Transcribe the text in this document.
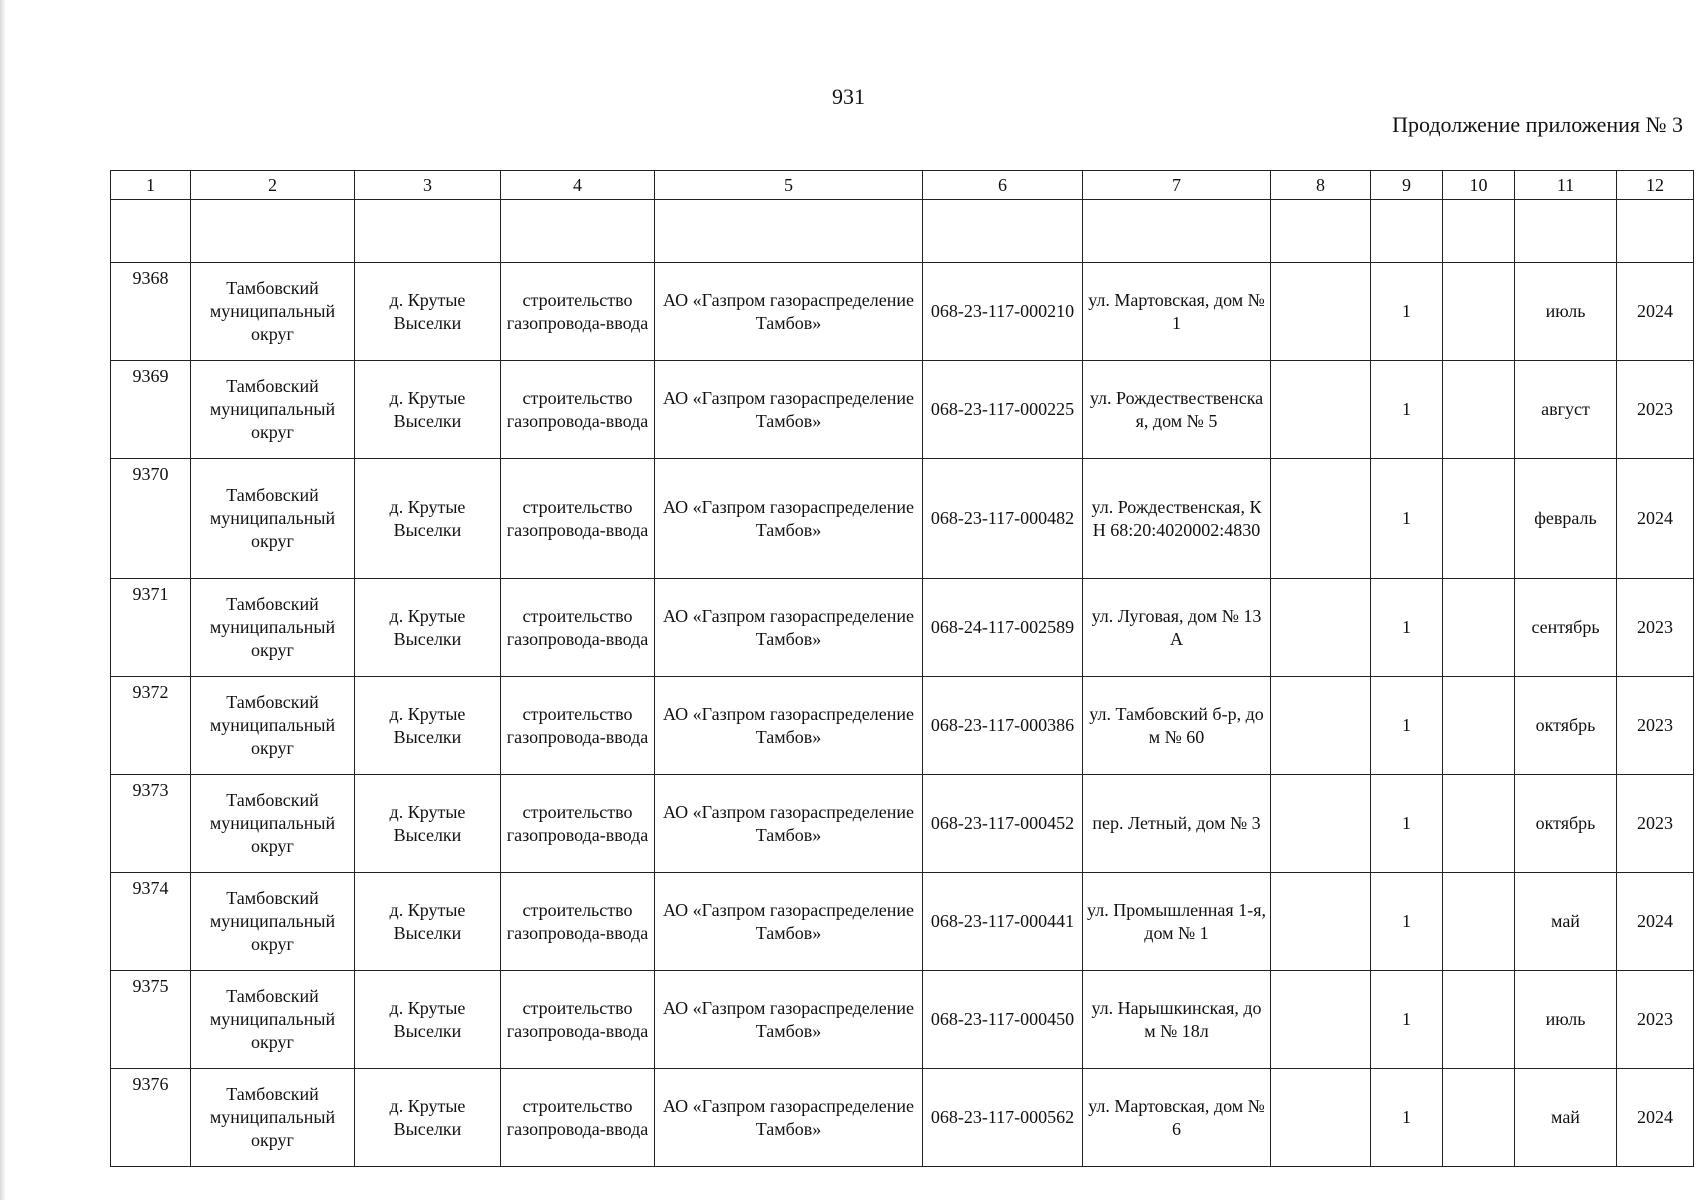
931
Продолжение приложения № 3
1	2	3	4	5	6	7	8	9	10	11	12

9368	Тамбовский муниципальный округ	д. Крутые Выселки	строительство газопровода-ввода	АО «Газпром газораспределение Тамбов»	068-23-117-000210	ул. Мартовская, дом № 1		1		июль	2024
9369	Тамбовский муниципальный округ	д. Крутые Выселки	строительство газопровода-ввода	АО «Газпром газораспределение Тамбов»	068-23-117-000225	ул. Рождествественская, дом № 5		1		август	2023
9370	Тамбовский муниципальный округ	д. Крутые Выселки	строительство газопровода-ввода	АО «Газпром газораспределение Тамбов»	068-23-117-000482	ул. Рождественская, КН 68:20:4020002:4830		1		февраль	2024
9371	Тамбовский муниципальный округ	д. Крутые Выселки	строительство газопровода-ввода	АО «Газпром газораспределение Тамбов»	068-24-117-002589	ул. Луговая, дом № 13А		1		сентябрь	2023
9372	Тамбовский муниципальный округ	д. Крутые Выселки	строительство газопровода-ввода	АО «Газпром газораспределение Тамбов»	068-23-117-000386	ул. Тамбовский б-р, дом № 60		1		октябрь	2023
9373	Тамбовский муниципальный округ	д. Крутые Выселки	строительство газопровода-ввода	АО «Газпром газораспределение Тамбов»	068-23-117-000452	пер. Летный, дом № 3		1		октябрь	2023
9374	Тамбовский муниципальный округ	д. Крутые Выселки	строительство газопровода-ввода	АО «Газпром газораспределение Тамбов»	068-23-117-000441	ул. Промышленная 1-я, дом № 1		1		май	2024
9375	Тамбовский муниципальный округ	д. Крутые Выселки	строительство газопровода-ввода	АО «Газпром газораспределение Тамбов»	068-23-117-000450	ул. Нарышкинская, дом № 18л		1		июль	2023
9376	Тамбовский муниципальный округ	д. Крутые Выселки	строительство газопровода-ввода	АО «Газпром газораспределение Тамбов»	068-23-117-000562	ул. Мартовская, дом № 6		1		май	2024
